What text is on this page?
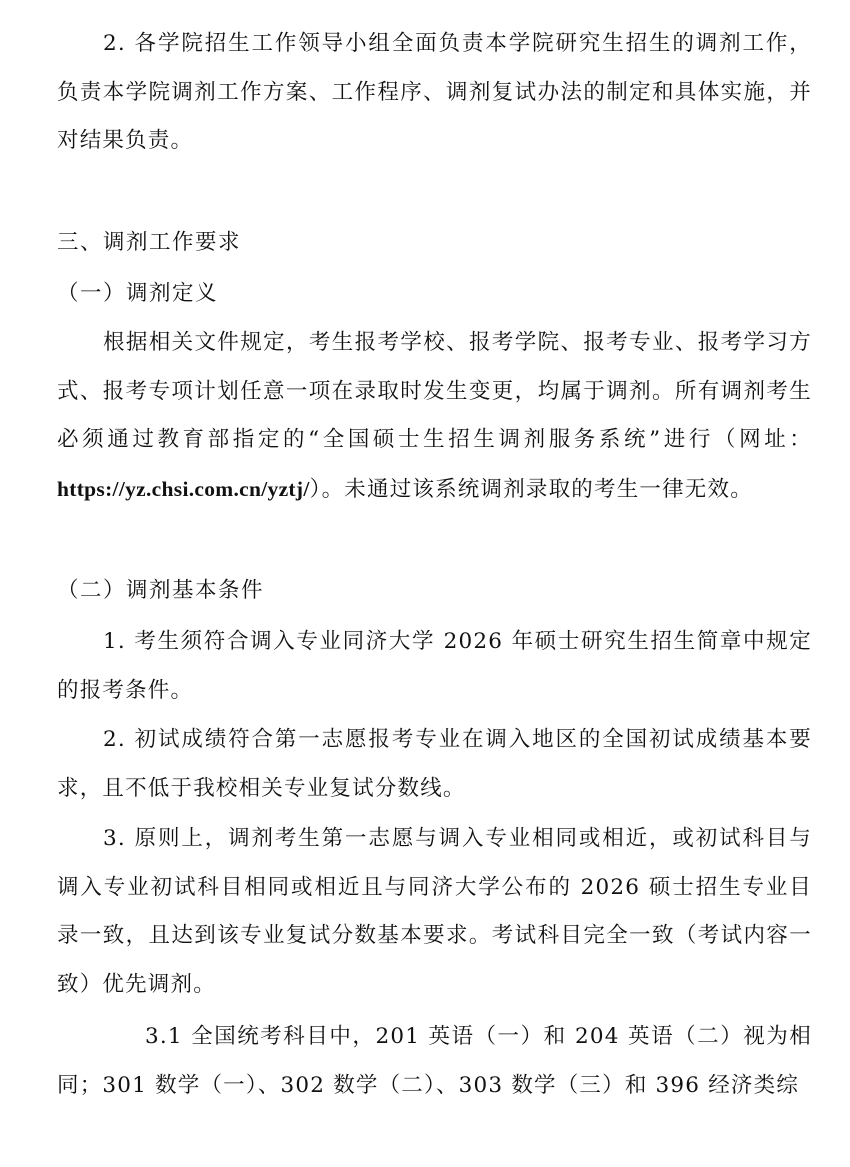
2. 各学院招生工作领导小组全面负责本学院研究生招生的调剂工作，负责本学院调剂工作方案、工作程序、调剂复试办法的制定和具体实施，并对结果负责。

三、调剂工作要求

（一）调剂定义

根据相关文件规定，考生报考学校、报考学院、报考专业、报考学习方式、报考专项计划任意一项在录取时发生变更，均属于调剂。所有调剂考生必须通过教育部指定的“全国硕士生招生调剂服务系统”进行（网址：https://yz.chsi.com.cn/yztj/）。未通过该系统调剂录取的考生一律无效。

（二）调剂基本条件

1. 考生须符合调入专业同济大学 2026 年硕士研究生招生简章中规定的报考条件。

2. 初试成绩符合第一志愿报考专业在调入地区的全国初试成绩基本要求，且不低于我校相关专业复试分数线。

3. 原则上，调剂考生第一志愿与调入专业相同或相近，或初试科目与调入专业初试科目相同或相近且与同济大学公布的 2026 硕士招生专业目录一致，且达到该专业复试分数基本要求。考试科目完全一致（考试内容一致）优先调剂。

3.1 全国统考科目中，201 英语（一）和 204 英语（二）视为相同；301 数学（一）、302 数学（二）、303 数学（三）和 396 经济类综
